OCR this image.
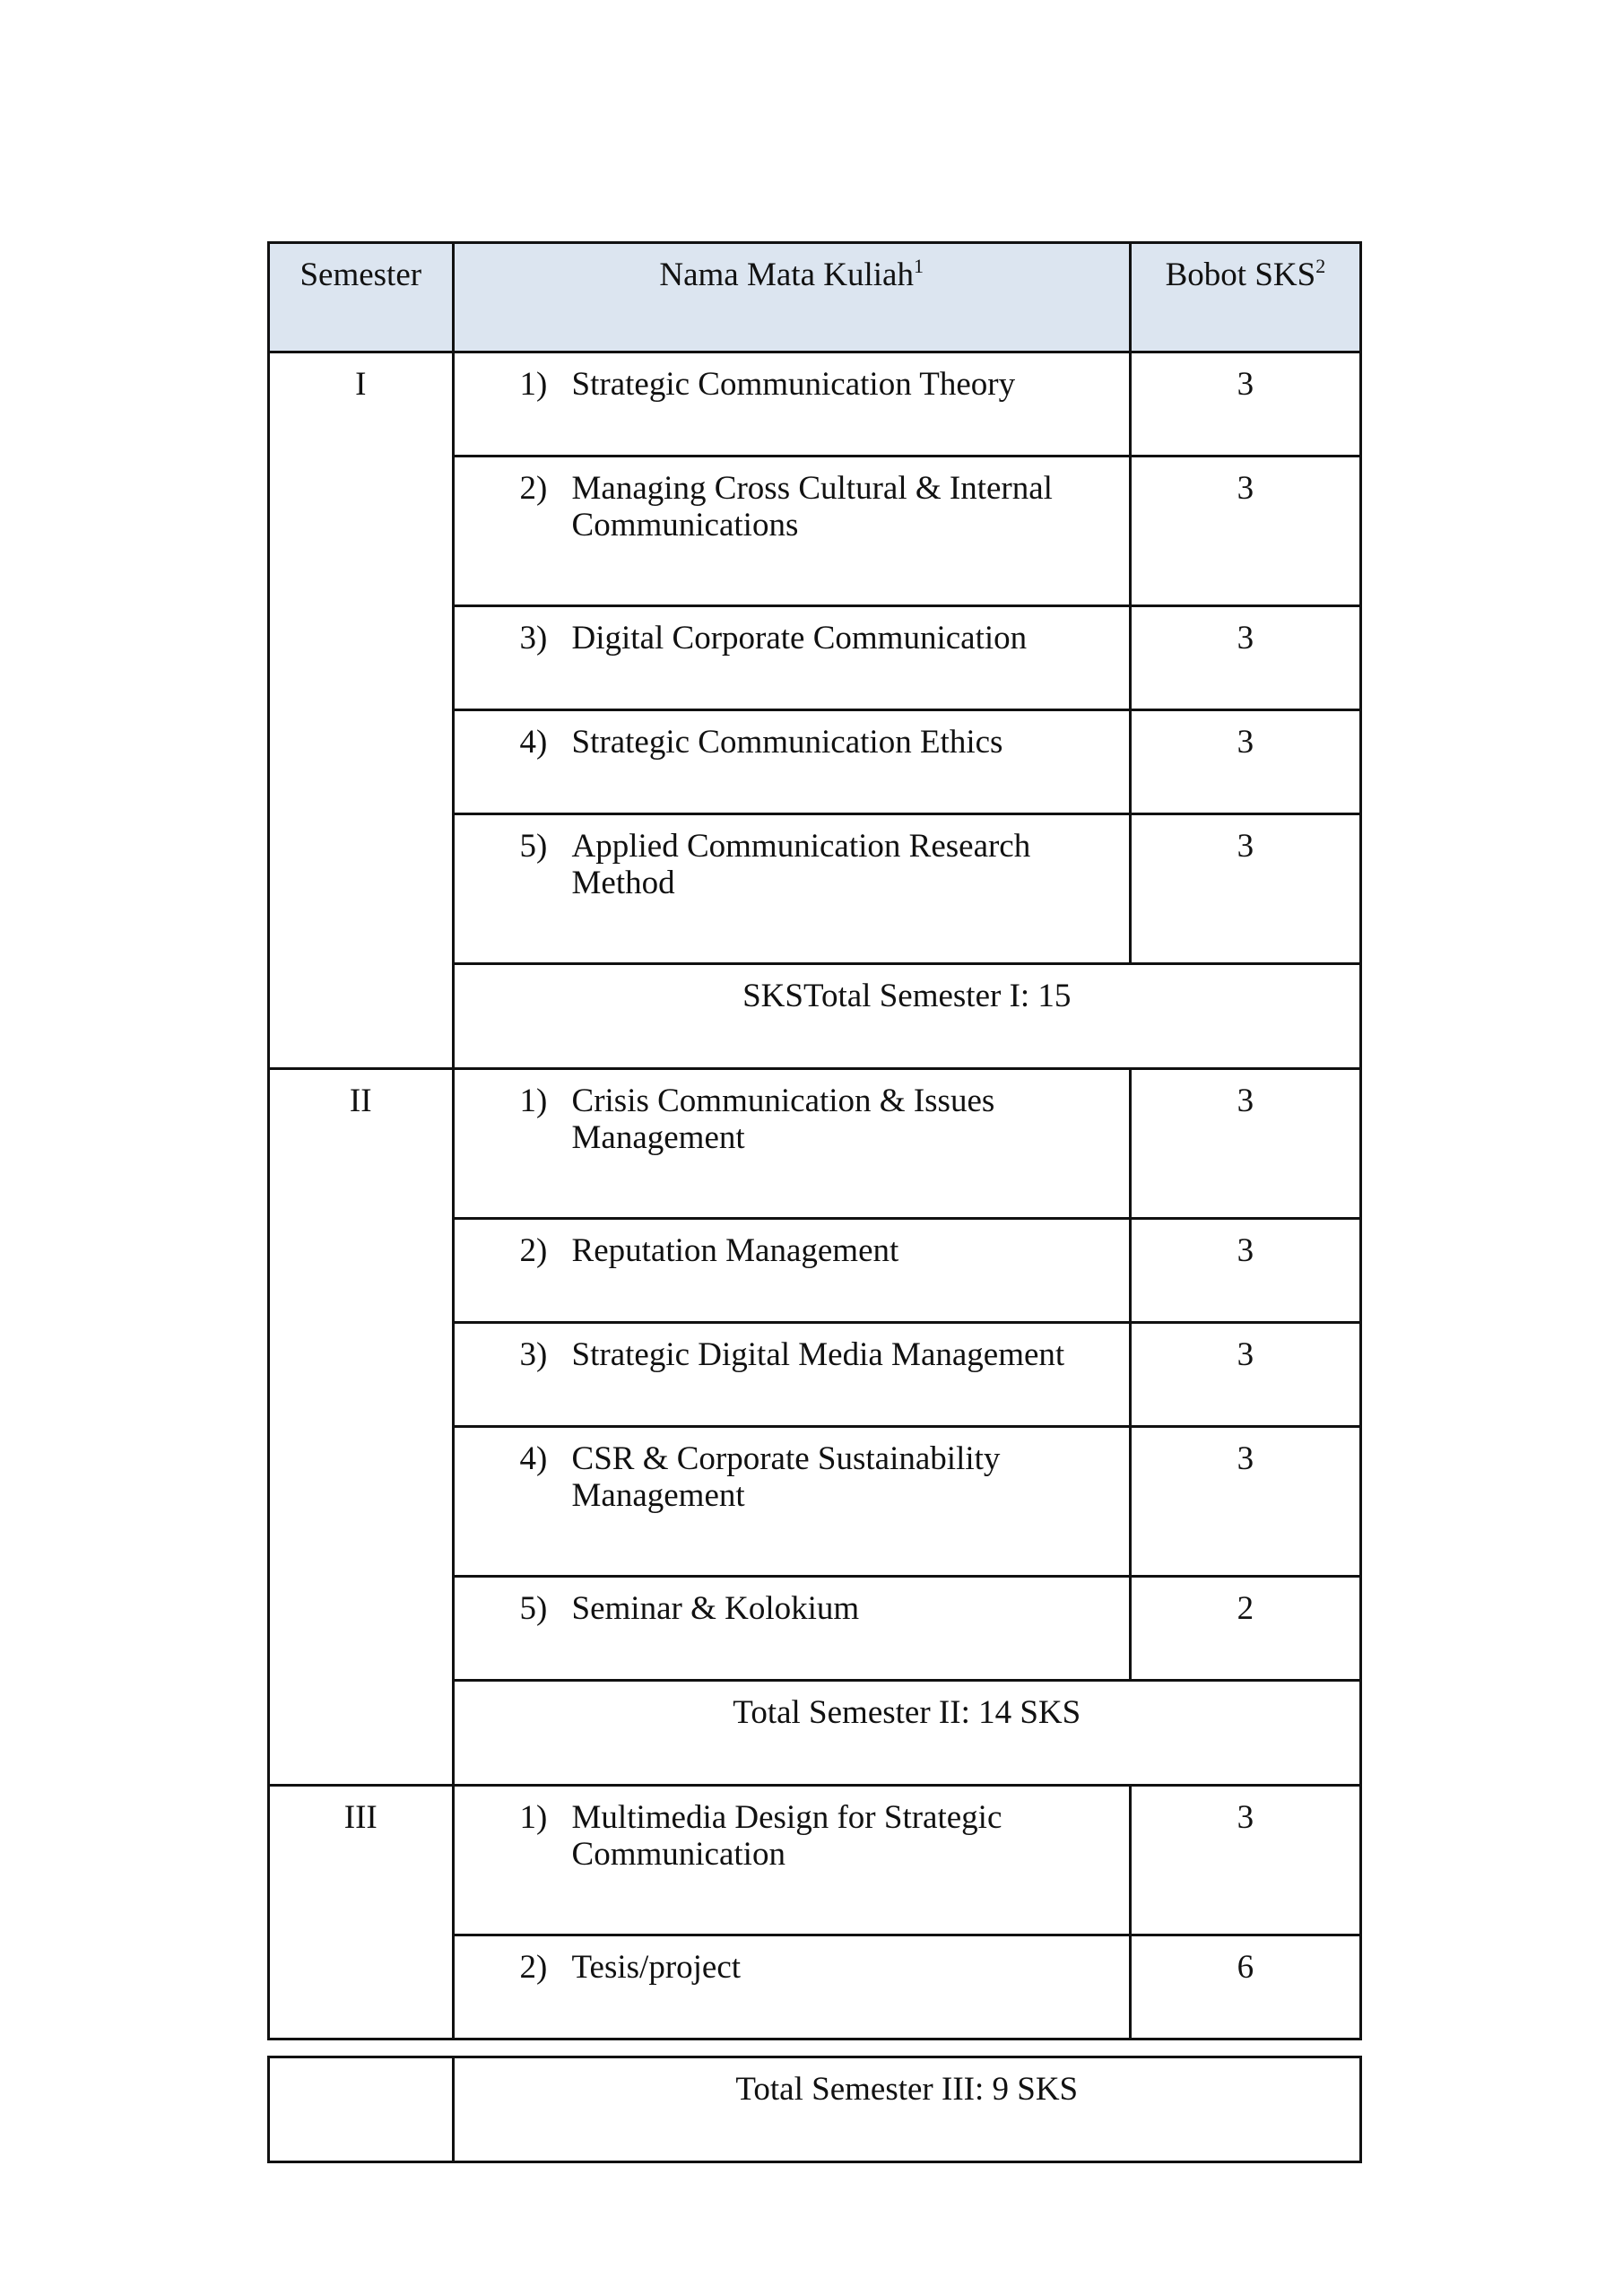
Semester	Nama Mata Kuliah$^1$	Bobot SKS$^2$
I	1) Strategic Communication Theory	3
	2) Managing Cross Cultural & Internal Communications	3
	3) Digital Corporate Communication	3
	4) Strategic Communication Ethics	3
	5) Applied Communication Research Method	3
	SKSTotal Semester I: 15	
II	1) Crisis Communication & Issues Management	3
	2) Reputation Management	3
	3) Strategic Digital Media Management	3
	4) CSR & Corporate Sustainability Management	3
	5) Seminar & Kolokium	2
	Total Semester II: 14 SKS	
III	1) Multimedia Design for Strategic Communication	3
	2) Tesis/project	6
	Total Semester III: 9 SKS
